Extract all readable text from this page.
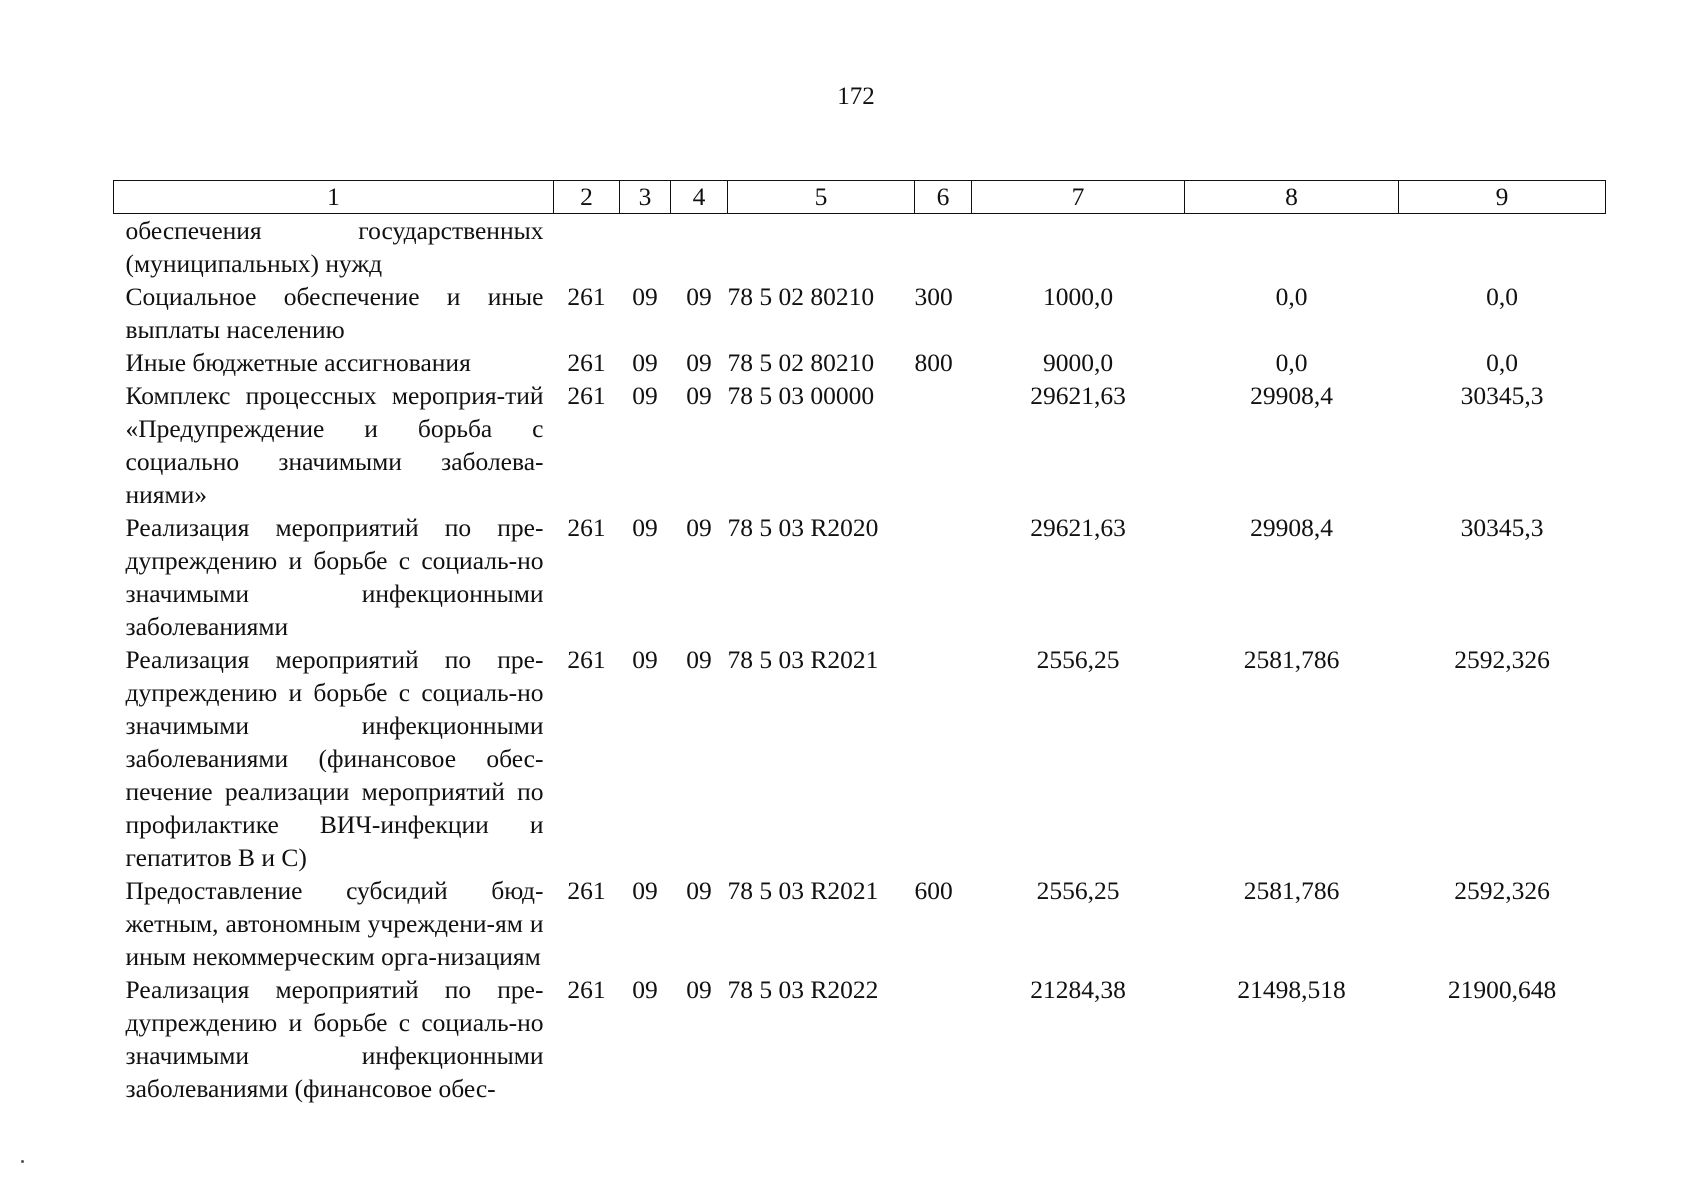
172
1	2	3	4	5	6	7	8	9
обеспечения государственных (муниципальных) нужд								
Социальное обеспечение и иные выплаты населению	261	09	09	78 5 02 80210	300	1000,0	0,0	0,0
Иные бюджетные ассигнования	261	09	09	78 5 02 80210	800	9000,0	0,0	0,0
Комплекс процессных мероприя-тий «Предупреждение и борьба с социально значимыми заболева-ниями»	261	09	09	78 5 03 00000		29621,63	29908,4	30345,3
Реализация мероприятий по пре-дупреждению и борьбе с социаль-но значимыми инфекционными заболеваниями	261	09	09	78 5 03 R2020		29621,63	29908,4	30345,3
Реализация мероприятий по пре-дупреждению и борьбе с социаль-но значимыми инфекционными заболеваниями (финансовое обес-печение реализации мероприятий по профилактике ВИЧ-инфекции и гепатитов В и С)	261	09	09	78 5 03 R2021		2556,25	2581,786	2592,326
Предоставление субсидий бюд-жетным, автономным учреждени-ям и иным некоммерческим орга-низациям	261	09	09	78 5 03 R2021	600	2556,25	2581,786	2592,326
Реализация мероприятий по пре-дупреждению и борьбе с социаль-но значимыми инфекционными заболеваниями (финансовое обес-	261	09	09	78 5 03 R2022		21284,38	21498,518	21900,648
